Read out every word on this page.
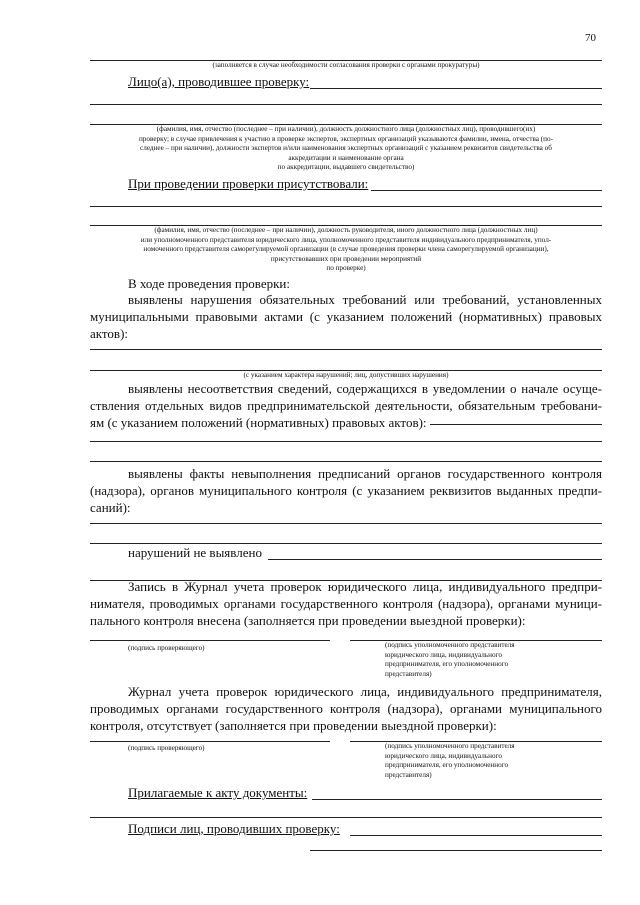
70
(заполняется в случае необходимости согласования проверки с органами прокуратуры)
Лицо(а), проводившее проверку:
(фамилия, имя, отчество (последнее – при наличии), должность должностного лица (должностных лиц), проводившего(их)
проверку; в случае привлечения к участию в проверке экспертов, экспертных организаций указываются фамилии, имена, отчества (по-
следнее – при наличии), должности экспертов и/или наименования экспертных организаций с указанием реквизитов свидетельства об
аккредитации и наименование органа
по аккредитации, выдавшего свидетельство)
При проведении проверки присутствовали:
(фамилия, имя, отчество (последнее – при наличии), должность руководителя, иного должностного лица (должностных лиц)
или уполномоченного представителя юридического лица, уполномоченного представителя индивидуального предпринимателя, упол-
номоченного представителя саморегулируемой организации (в случае проведения проверки члена саморегулируемой организации),
присутствовавших при проведении мероприятий
по проверке)
В ходе проведения проверки:
выявлены нарушения обязательных требований или требований, установленных муниципальными правовыми актами (с указанием положений (нормативных) правовых актов):
(с указанием характера нарушений; лиц, допустивших нарушения)
выявлены несоответствия сведений, содержащихся в уведомлении о начале осуще-ствления отдельных видов предпринимательской деятельности, обязательным требовани-ям (с указанием положений (нормативных) правовых актов):
выявлены факты невыполнения предписаний органов государственного контроля (надзора), органов муниципального контроля (с указанием реквизитов выданных предпи-саний):
нарушений не выявлено
Запись в Журнал учета проверок юридического лица, индивидуального предпри-нимателя, проводимых органами государственного контроля (надзора), органами муници-пального контроля внесена (заполняется при проведении выездной проверки):
(подпись проверяющего)	(подпись уполномоченного представителя
юридического лица, индивидуального
предпринимателя, его уполномоченного
представителя)
Журнал учета проверок юридического лица, индивидуального предпринимателя, проводимых органами государственного контроля (надзора), органами муниципального контроля, отсутствует (заполняется при проведении выездной проверки):
(подпись проверяющего)	(подпись уполномоченного представителя
юридического лица, индивидуального
предпринимателя, его уполномоченного
представителя)
Прилагаемые к акту документы:
Подписи лиц, проводивших проверку:
